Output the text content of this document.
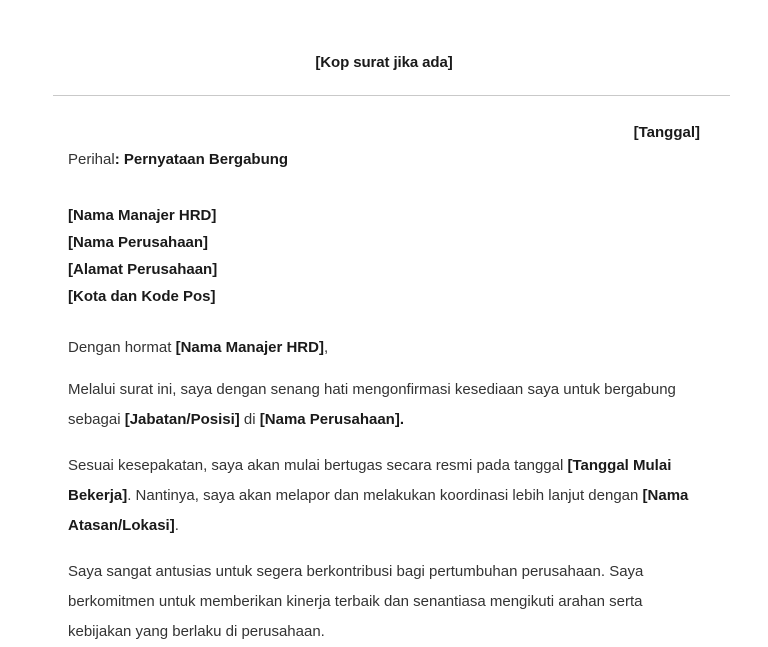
[Kop surat jika ada]
[Tanggal]
Perihal: Pernyataan Bergabung
[Nama Manajer HRD]
[Nama Perusahaan]
[Alamat Perusahaan]
[Kota dan Kode Pos]
Dengan hormat [Nama Manajer HRD],

Melalui surat ini, saya dengan senang hati mengonfirmasi kesediaan saya untuk bergabung sebagai [Jabatan/Posisi] di [Nama Perusahaan].

Sesuai kesepakatan, saya akan mulai bertugas secara resmi pada tanggal [Tanggal Mulai Bekerja]. Nantinya, saya akan melapor dan melakukan koordinasi lebih lanjut dengan [Nama Atasan/Lokasi].

Saya sangat antusias untuk segera berkontribusi bagi pertumbuhan perusahaan. Saya berkomitmen untuk memberikan kinerja terbaik dan senantiasa mengikuti arahan serta kebijakan yang berlaku di perusahaan.
